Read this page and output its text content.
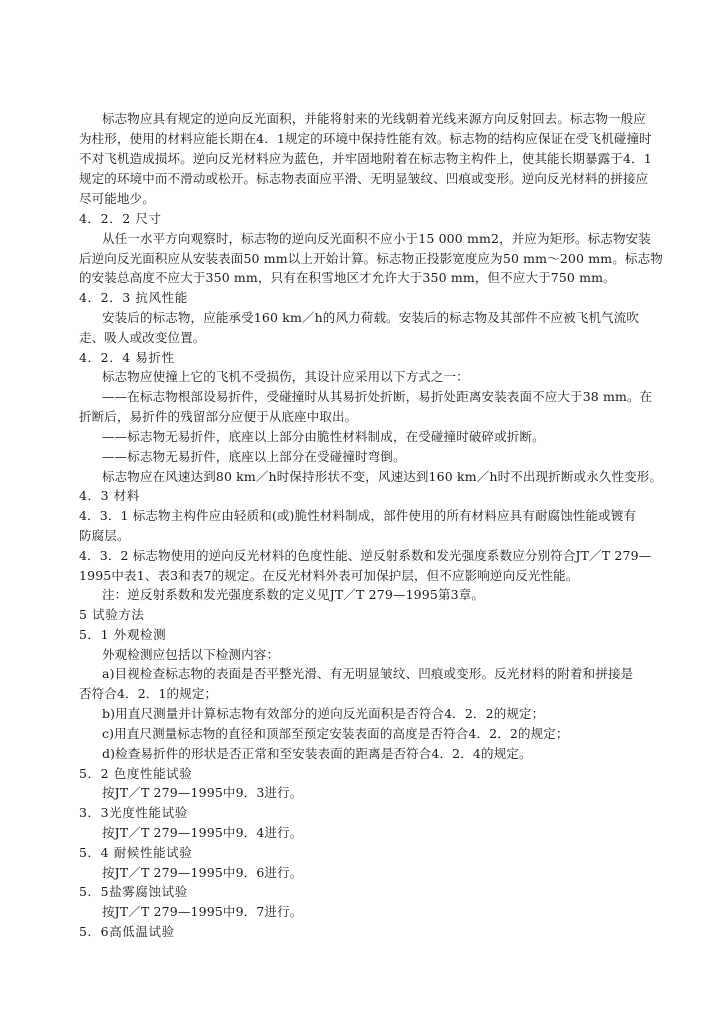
标志物应具有规定的逆向反光面积，并能将射来的光线朝着光线来源方向反射回去。标志物一般应
为柱形，使用的材料应能长期在4．1规定的环境中保持性能有效。标志物的结构应保证在受飞机碰撞时
不对飞机造成损坏。逆向反光材料应为蓝色，并牢固地附着在标志物主构件上，使其能长期暴露于4．1
规定的环境中而不滑动或松开。标志物表面应平滑、无明显皱纹、凹痕或变形。逆向反光材料的拼接应
尽可能地少。
4．2．2 尺寸
从任一水平方向观察时，标志物的逆向反光面积不应小于15 000 mm2，并应为矩形。标志物安装
后逆向反光面积应从安装表面50 mm以上开始计算。标志物正投影宽度应为50 mm～200 mm。标志物
的安装总高度不应大于350 mm，只有在积雪地区才允许大于350 mm，但不应大于750 mm。
4．2．3 抗风性能
安装后的标志物，应能承受160 km／h的风力荷载。安装后的标志物及其部件不应被飞机气流吹
走、吸人或改变位置。
4．2．4 易折性
标志物应使撞上它的飞机不受损伤，其设计应采用以下方式之一：
——在标志物根部设易折件，受碰撞时从其易折处折断，易折处距离安装表面不应大于38 mm。在
折断后，易折件的残留部分应便于从底座中取出。
——标志物无易折件，底座以上部分由脆性材料制成，在受碰撞时破碎或折断。
——标志物无易折件，底座以上部分在受碰撞时弯倒。
标志物应在风速达到80 km／h时保持形状不变，风速达到160 km／h时不出现折断或永久性变形。
4．3 材料
4．3．1 标志物主构件应由轻质和(或)脆性材料制成，部件使用的所有材料应具有耐腐蚀性能或镀有
防腐层。
4．3．2 标志物使用的逆向反光材料的色度性能、逆反射系数和发光强度系数应分别符合JT／T 279—
1995中表1、表3和表7的规定。在反光材料外表可加保护层，但不应影响逆向反光性能。
注：逆反射系数和发光强度系数的定义见JT／T 279—1995第3章。
5 试验方法
5．1 外观检测
外观检测应包括以下检测内容：
a)目视检查标志物的表面是否平整光滑、有无明显皱纹、凹痕或变形。反光材料的附着和拼接是
否符合4．2．1的规定；
b)用直尺测量并计算标志物有效部分的逆向反光面积是否符合4．2．2的规定；
c)用直尺测量标志物的直径和顶部至预定安装表面的高度是否符合4．2．2的规定；
d)检查易折件的形状是否正常和至安装表面的距离是否符合4．2．4的规定。
5．2 色度性能试验
按JT／T 279—1995中9．3进行。
3．3光度性能试验
按JT／T 279—1995中9．4进行。
5．4 耐候性能试验
按JT／T 279—1995中9．6进行。
5．5盐雾腐蚀试验
按JT／T 279—1995中9．7进行。
5．6高低温试验
